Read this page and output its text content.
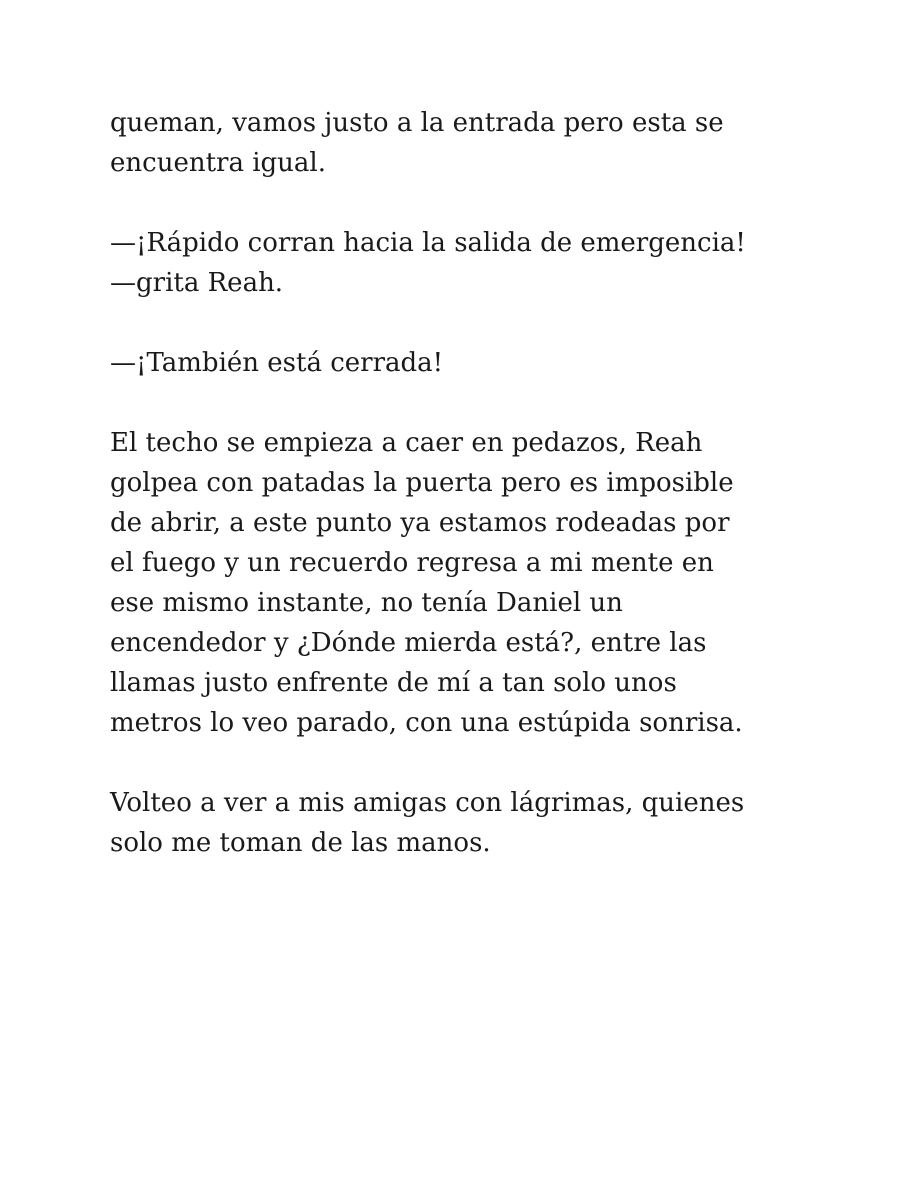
queman, vamos justo a la entrada pero esta se
encuentra igual.

—¡Rápido corran hacia la salida de emergencia!
—grita Reah.

—¡También está cerrada!

El techo se empieza a caer en pedazos, Reah
golpea con patadas la puerta pero es imposible
de abrir, a este punto ya estamos rodeadas por
el fuego y un recuerdo regresa a mi mente en
ese mismo instante, no tenía Daniel un
encendedor y ¿Dónde mierda está?, entre las
llamas justo enfrente de mí a tan solo unos
metros lo veo parado, con una estúpida sonrisa.

Volteo a ver a mis amigas con lágrimas, quienes
solo me toman de las manos.
